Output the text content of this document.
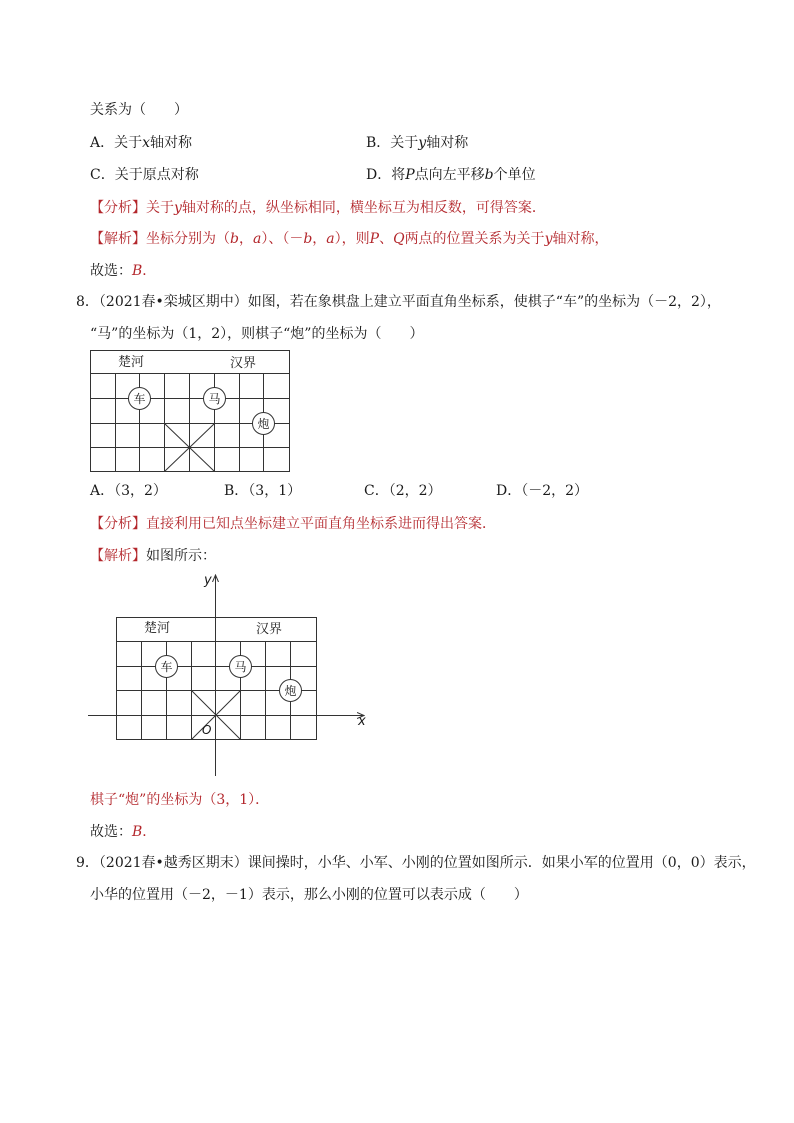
关系为（　　）
A．关于x轴对称	B．关于y轴对称
C．关于原点对称	D．将P点向左平移b个单位
【分析】关于y轴对称的点，纵坐标相同，横坐标互为相反数，可得答案．
【解析】坐标分别为（b，a）、（－b，a），则P、Q两点的位置关系为关于y轴对称，
故选：B．
8．（2021春•栾城区期中）如图，若在象棋盘上建立平面直角坐标系，使棋子“车”的坐标为（－2，2），
“马”的坐标为（1，2），则棋子“炮”的坐标为（　　）
楚河	汉界
车	马
炮
A．（3，2）	B．（3，1）	C．（2，2）	D．（－2，2）
【分析】直接利用已知点坐标建立平面直角坐标系进而得出答案．
【解析】如图所示：
楚河	汉界
车	马
炮
y
x
O
棋子“炮”的坐标为（3，1）．
故选：B．
9．（2021春•越秀区期末）课间操时，小华、小军、小刚的位置如图所示．如果小军的位置用（0，0）表示，
小华的位置用（－2，－1）表示，那么小刚的位置可以表示成（　　）
